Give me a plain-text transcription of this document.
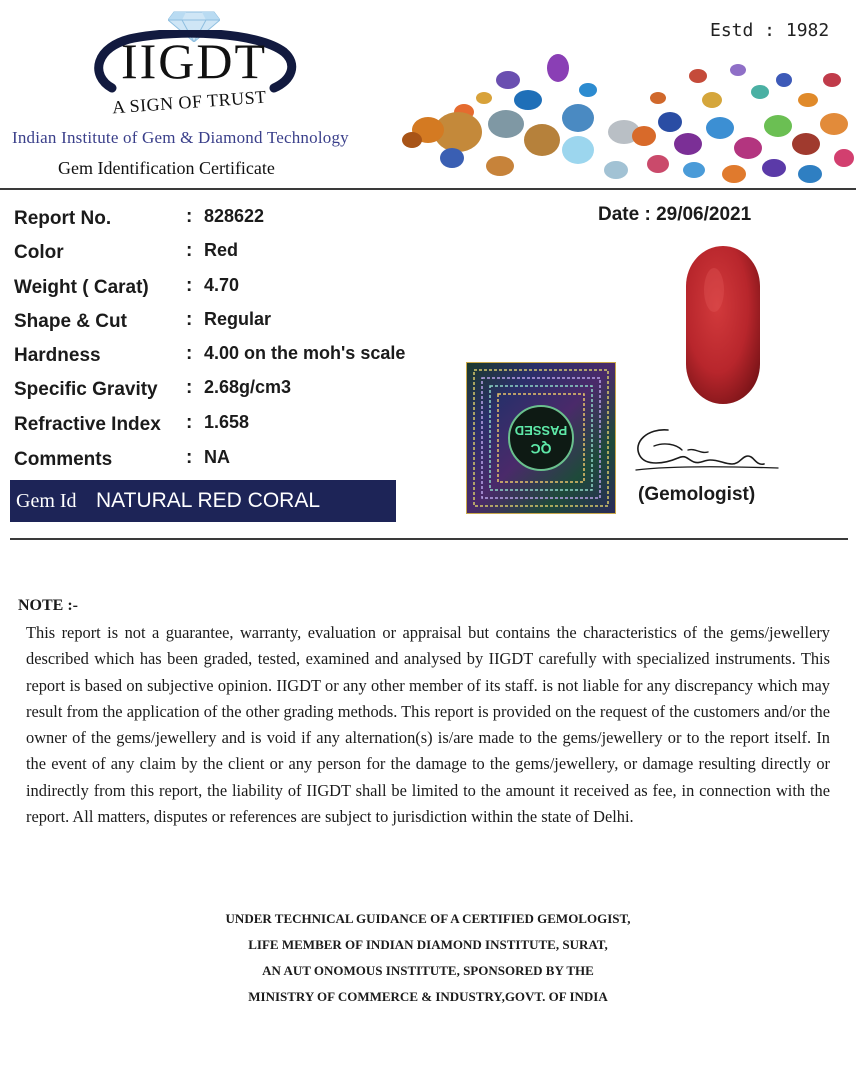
IIGDT
A SIGN OF TRUST
Indian Institute of Gem & Diamond Technology
Gem Identification Certificate
Estd : 1982
Date : 29/06/2021
Report No.	: 828622
Color	: Red
Weight ( Carat) : 4.70
Shape & Cut	: Regular
Hardness	: 4.00 on the moh's scale
Specific Gravity : 2.68g/cm3
Refractive Index : 1.658
Comments	: NA
Gem Id NATURAL RED CORAL
QC
PASSED
(Gemologist)
NOTE :-
This report is not a guarantee, warranty, evaluation or appraisal but contains the characteristics of the gems/jewellery described which has been graded, tested, examined and analysed by IIGDT carefully with specialized instruments. This report is based on subjective opinion. IIGDT or any other member of its staff. is not liable for any discrepancy which may result from the application of the other grading methods. This report is provided on the request of the customers and/or the owner of the gems/jewellery and is void if any alternation(s) is/are made to the gems/jewellery or to the report itself. In the event of any claim by the client or any person for the damage to the gems/jewellery, or damage resulting directly or indirectly from this report, the liability of IIGDT shall be limited to the amount it received as fee, in connection with the report. All matters, disputes or references are subject to jurisdiction within the state of Delhi.
UNDER TECHNICAL GUIDANCE OF A CERTIFIED GEMOLOGIST,
LIFE MEMBER OF INDIAN DIAMOND INSTITUTE, SURAT,
AN AUT ONOMOUS INSTITUTE, SPONSORED BY THE
MINISTRY OF COMMERCE & INDUSTRY,GOVT. OF INDIA
